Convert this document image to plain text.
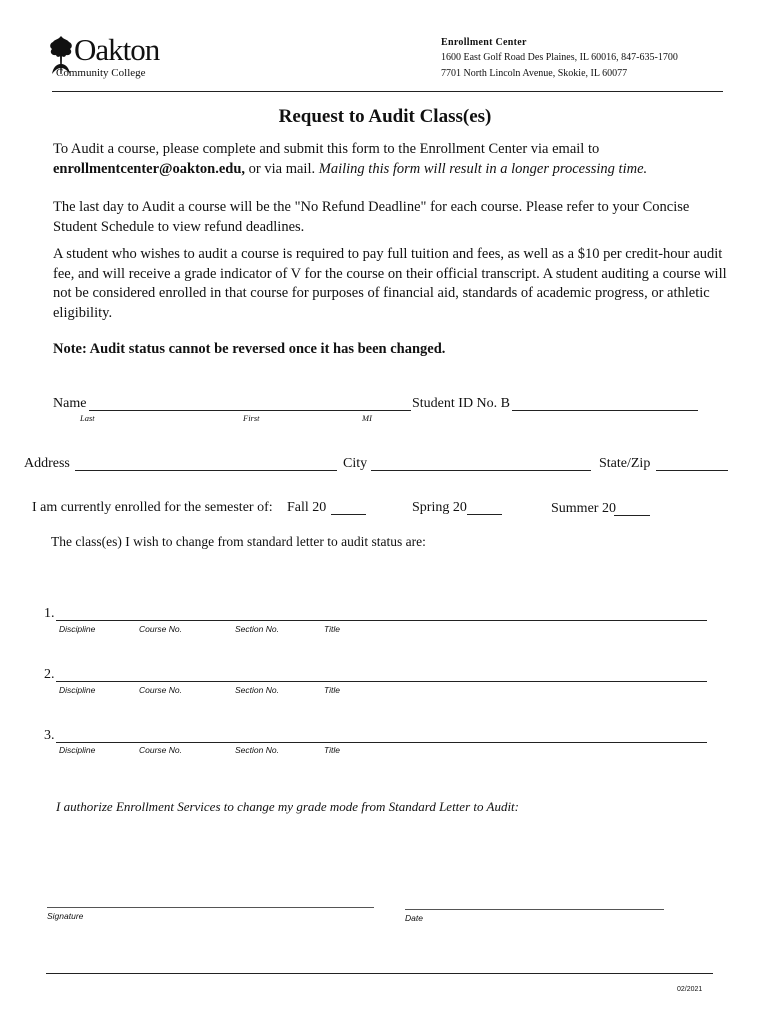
Oakton
Community College
Enrollment Center
1600 East Golf Road Des Plaines, IL 60016, 847-635-1700
7701 North Lincoln Avenue, Skokie, IL 60077
Request to Audit Class(es)
To Audit a course, please complete and submit this form to the Enrollment Center via email to
enrollmentcenter@oakton.edu, or via mail. Mailing this form will result in a longer processing time.
The last day to Audit a course will be the "No Refund Deadline" for each course. Please refer to your Concise Student Schedule to view refund deadlines.
A student who wishes to audit a course is required to pay full tuition and fees, as well as a $10 per credit-hour audit fee, and will receive a grade indicator of V for the course on their official transcript. A student auditing a course will not be considered enrolled in that course for purposes of financial aid, standards of academic progress, or athletic eligibility.
Note: Audit status cannot be reversed once it has been changed.
Name
Last	First	MI
Student ID No. B
Address	City	State/Zip
I am currently enrolled for the semester of: Fall 20	Spring 20	Summer 20
The class(es) I wish to change from standard letter to audit status are:
1.
Discipline	Course No.	Section No.	Title
2.
Discipline	Course No.	Section No.	Title
3.
Discipline	Course No.	Section No.	Title
I authorize Enrollment Services to change my grade mode from Standard Letter to Audit:
Signature	Date
02/2021
